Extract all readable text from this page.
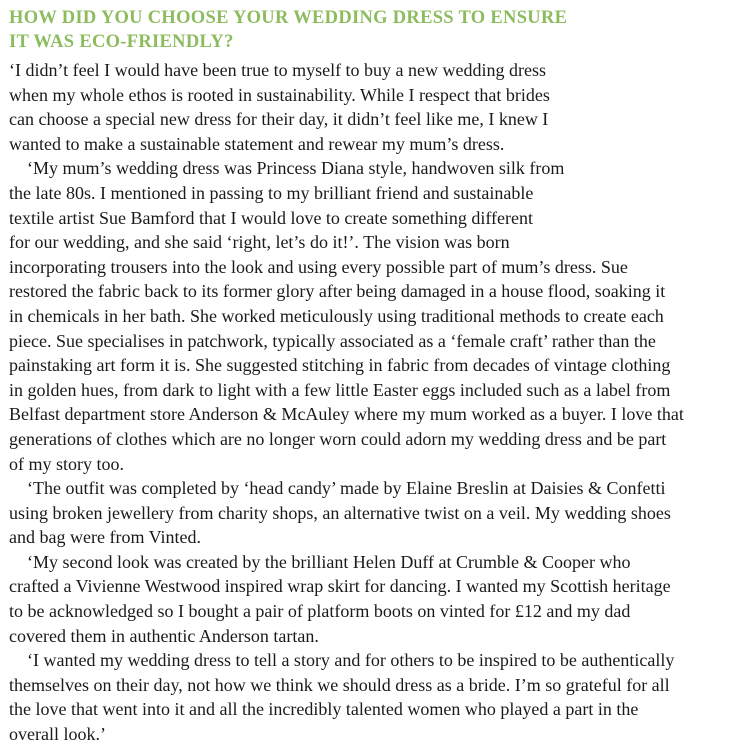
HOW DID YOU CHOOSE YOUR WEDDING DRESS TO ENSURE
IT WAS ECO-FRIENDLY?

‘I didn’t feel I would have been true to myself to buy a new wedding dress
when my whole ethos is rooted in sustainability. While I respect that brides
can choose a special new dress for their day, it didn’t feel like me, I knew I
wanted to make a sustainable statement and rewear my mum’s dress.

‘My mum’s wedding dress was Princess Diana style, handwoven silk from
the late 80s. I mentioned in passing to my brilliant friend and sustainable
textile artist Sue Bamford that I would love to create something different
for our wedding, and she said ‘right, let’s do it!’. The vision was born
incorporating trousers into the look and using every possible part of mum’s dress. Sue
restored the fabric back to its former glory after being damaged in a house flood, soaking it
in chemicals in her bath. She worked meticulously using traditional methods to create each
piece. Sue specialises in patchwork, typically associated as a ‘female craft’ rather than the
painstaking art form it is. She suggested stitching in fabric from decades of vintage clothing
in golden hues, from dark to light with a few little Easter eggs included such as a label from
Belfast department store Anderson & McAuley where my mum worked as a buyer. I love that
generations of clothes which are no longer worn could adorn my wedding dress and be part
of my story too.

‘The outfit was completed by ‘head candy’ made by Elaine Breslin at Daisies & Confetti
using broken jewellery from charity shops, an alternative twist on a veil. My wedding shoes
and bag were from Vinted.

‘My second look was created by the brilliant Helen Duff at Crumble & Cooper who
crafted a Vivienne Westwood inspired wrap skirt for dancing. I wanted my Scottish heritage
to be acknowledged so I bought a pair of platform boots on vinted for £12 and my dad
covered them in authentic Anderson tartan.

‘I wanted my wedding dress to tell a story and for others to be inspired to be authentically
themselves on their day, not how we think we should dress as a bride. I’m so grateful for all
the love that went into it and all the incredibly talented women who played a part in the
overall look.’
